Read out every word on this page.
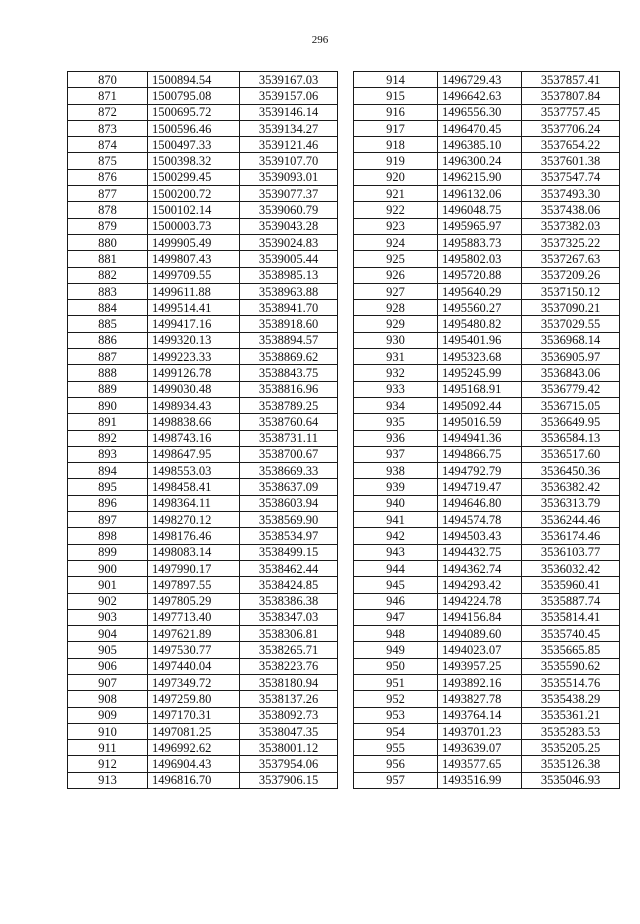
296
870	1500894.54	3539167.03
871	1500795.08	3539157.06
872	1500695.72	3539146.14
873	1500596.46	3539134.27
874	1500497.33	3539121.46
875	1500398.32	3539107.70
876	1500299.45	3539093.01
877	1500200.72	3539077.37
878	1500102.14	3539060.79
879	1500003.73	3539043.28
880	1499905.49	3539024.83
881	1499807.43	3539005.44
882	1499709.55	3538985.13
883	1499611.88	3538963.88
884	1499514.41	3538941.70
885	1499417.16	3538918.60
886	1499320.13	3538894.57
887	1499223.33	3538869.62
888	1499126.78	3538843.75
889	1499030.48	3538816.96
890	1498934.43	3538789.25
891	1498838.66	3538760.64
892	1498743.16	3538731.11
893	1498647.95	3538700.67
894	1498553.03	3538669.33
895	1498458.41	3538637.09
896	1498364.11	3538603.94
897	1498270.12	3538569.90
898	1498176.46	3538534.97
899	1498083.14	3538499.15
900	1497990.17	3538462.44
901	1497897.55	3538424.85
902	1497805.29	3538386.38
903	1497713.40	3538347.03
904	1497621.89	3538306.81
905	1497530.77	3538265.71
906	1497440.04	3538223.76
907	1497349.72	3538180.94
908	1497259.80	3538137.26
909	1497170.31	3538092.73
910	1497081.25	3538047.35
911	1496992.62	3538001.12
912	1496904.43	3537954.06
913	1496816.70	3537906.15
914	1496729.43	3537857.41
915	1496642.63	3537807.84
916	1496556.30	3537757.45
917	1496470.45	3537706.24
918	1496385.10	3537654.22
919	1496300.24	3537601.38
920	1496215.90	3537547.74
921	1496132.06	3537493.30
922	1496048.75	3537438.06
923	1495965.97	3537382.03
924	1495883.73	3537325.22
925	1495802.03	3537267.63
926	1495720.88	3537209.26
927	1495640.29	3537150.12
928	1495560.27	3537090.21
929	1495480.82	3537029.55
930	1495401.96	3536968.14
931	1495323.68	3536905.97
932	1495245.99	3536843.06
933	1495168.91	3536779.42
934	1495092.44	3536715.05
935	1495016.59	3536649.95
936	1494941.36	3536584.13
937	1494866.75	3536517.60
938	1494792.79	3536450.36
939	1494719.47	3536382.42
940	1494646.80	3536313.79
941	1494574.78	3536244.46
942	1494503.43	3536174.46
943	1494432.75	3536103.77
944	1494362.74	3536032.42
945	1494293.42	3535960.41
946	1494224.78	3535887.74
947	1494156.84	3535814.41
948	1494089.60	3535740.45
949	1494023.07	3535665.85
950	1493957.25	3535590.62
951	1493892.16	3535514.76
952	1493827.78	3535438.29
953	1493764.14	3535361.21
954	1493701.23	3535283.53
955	1493639.07	3535205.25
956	1493577.65	3535126.38
957	1493516.99	3535046.93
